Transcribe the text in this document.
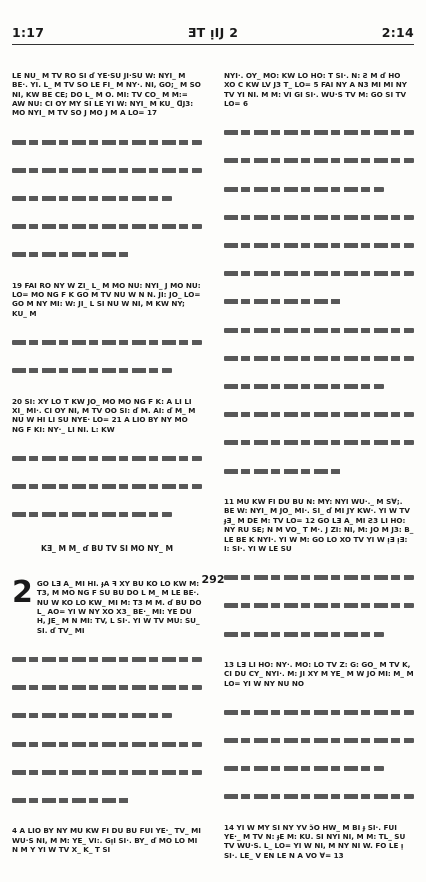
1:17	ƎT ᴉIJ 2	2:14

LE NU_ M TV RO SI ɗ YE·SU JI·SU W: NYI_ M BE·. YI. L_ M TV SO LE FI_ M NY·. NI, GO;_ M SO NI, KW BE CE; DO L_ M O. MI: TV CO_ M M:= AW NU: CI OY MY SI LE YI W: NYI_ M KU_ ᗡJ3: MO NYI_ M TV SO J MO J M A LO= 17

19 FAI RO NY W ZI_ L_ M MO NU: NYI_ J MO NU: LO= MO NG F K GO M TV NU W N N. JI: JO_ LO= GO M NY MI: W: JI_ L SI NU W NI, M KW NY; KU_ M

20 SI: XY LO T KW JO_ MO MO NG F K: A LI LI XI_ MI·. CI OY NI, M TV OO SI: ɗ M. AI: ɗ M_ M NU W HI LI SU NYE· LO= 21 A LIO BY NY MO NG F KI: NY·_ LI NI. L: KW

KƎ_ M M_ ɗ BU TV SI MO NY_ M

2 GO LƎ A_ MI HI. ɟA ꟻ XY BU KO LO KW M: T3, M MO NG F SU BU DO L M_ M LE BE·. NU W KO LO KW_ MI M: T3 M M. ɗ BU DO L_ AO= YI W NY XO X3_ BE·_ MI: YE DU H, JE_ M N MI: TV, L SI·. YI W TV MU: SU_ SI. ɗ TV_ MI

4 A LIO BY NY MU KW FI DU BU FUI YE·_ TV_ MI WU·S NI, M M: YE_ VI:. GᴉI SI·. BY_ ɗ MO LO MI N M Y YI W TV X_ K_ T SI

NYI·. OY_ MO: KW LO HO: T SI·. N: Ƨ M ɗ HO XO C KW LV J3 T_ LO= 5 FAI NY A N3 MI MI NY TV YI NI. M M: VI GI SI·. WU·S TV M: GO SI TV LO= 6

11 MU KW FI DU BU N: MY: NYI WU·._ M S∀;. BE W: NYI_ M JO_ MI·. SI_ ɗ MI JY KW·. YI W TV ɟƎ_ M DE M: TV LO= 12 GO LƎ A_ MI Ƨ3 LI HO: NY RU SE; N M VO_ T M·. J ZI: NI, M: JO M J3: B_ LE BE K NYI·. YI W M: GO LO XO TV YI W ᴉƎ ᴉƎ: I: SI·. YI W LE SU

13 LƎ LI HO: NY·. MO: LO TV Z: G: GO_ M TV K, CI DU CY_ NYI·. M: JI XY M YE_ M W JO MI: M_ M LO= YI W NY NU NO

14 YI W MY SI NY YV ɔ̃O HW_ M BI ɟ SI·. FUI YE·_ M TV N: ɟE M: KU. SI NYI NI, M M: TL_ SU TV WU·S. L_ LO= YI W NI, M NY NI W. FO LE ᴉ SI·. LE_ V EN LE N A VO ∀= 13

292
